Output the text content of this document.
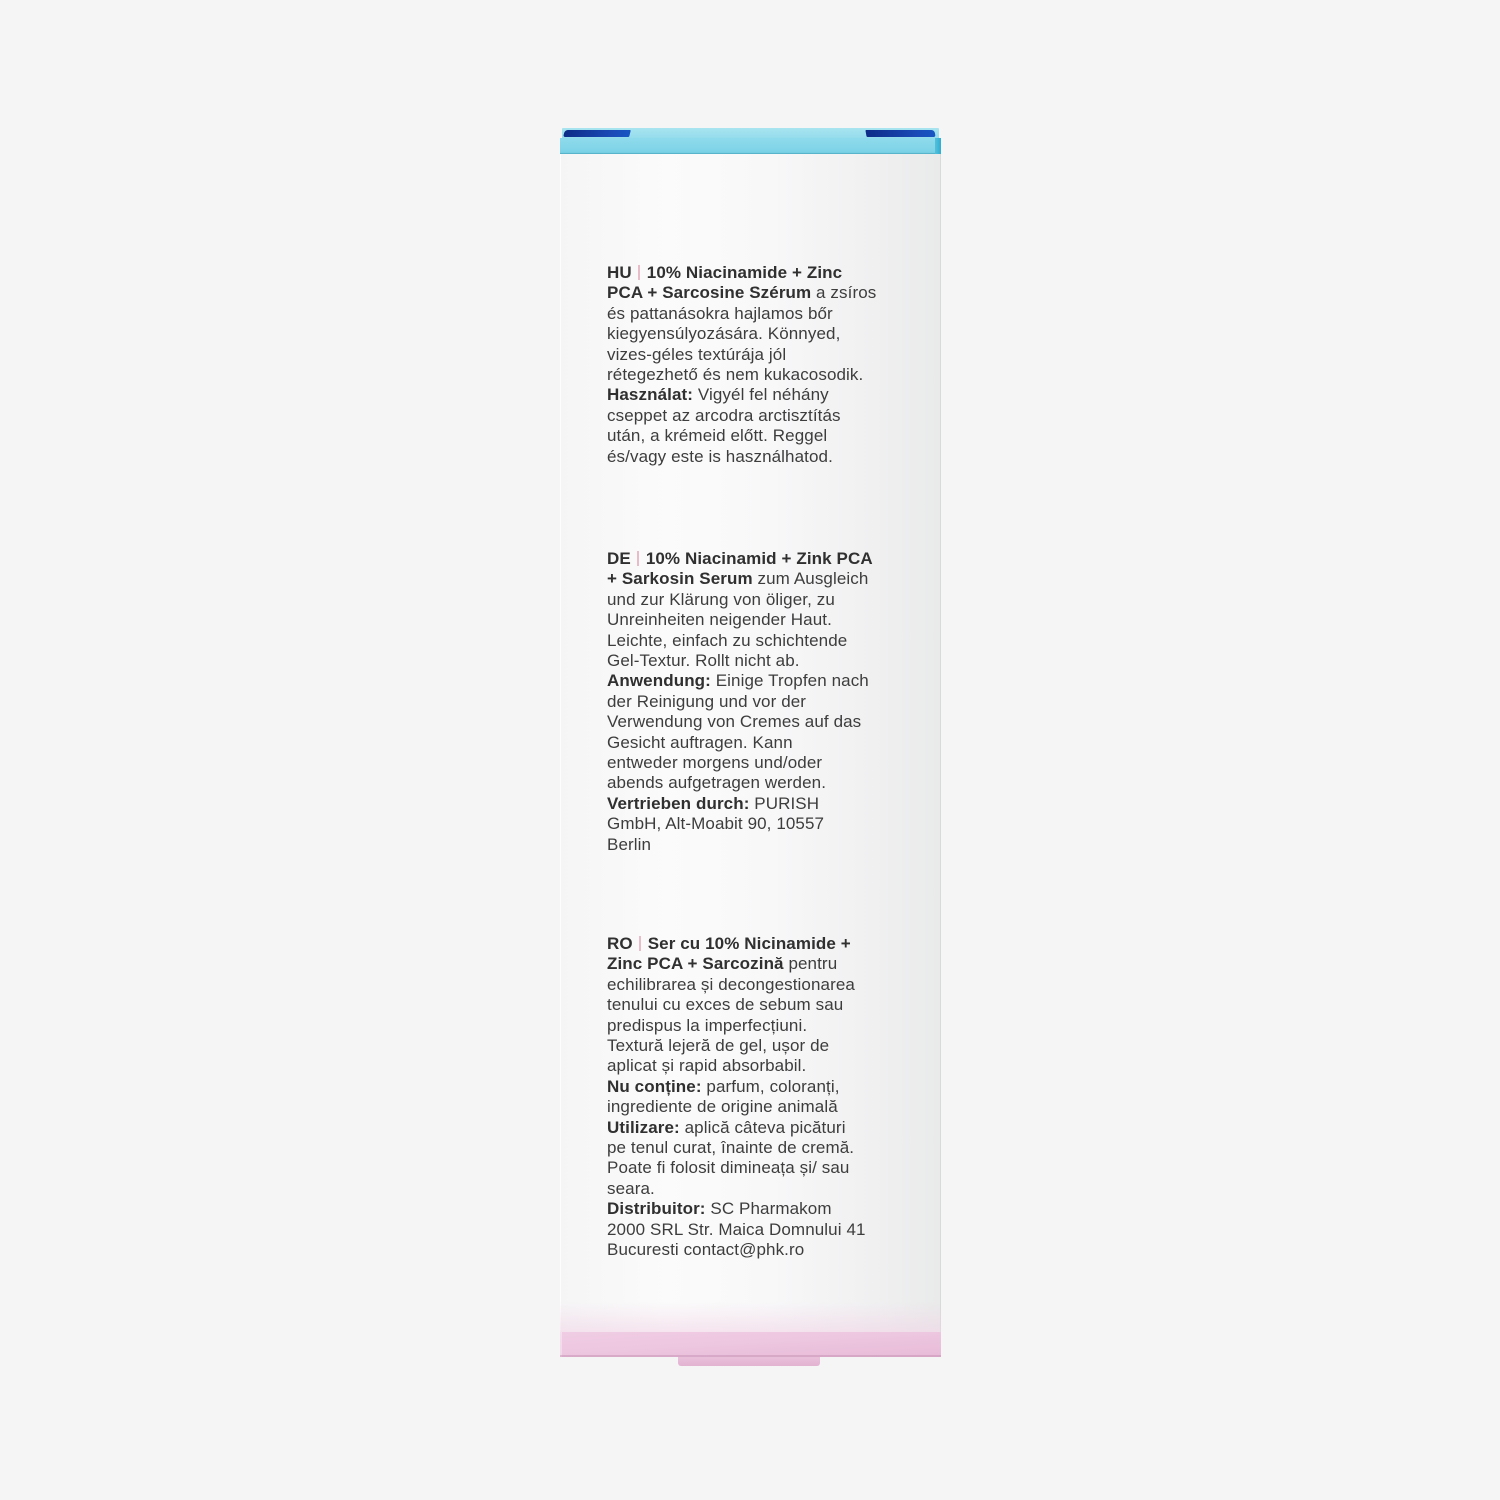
HU 10% Niacinamide + Zinc
PCA + Sarcosine Szérum a zsíros
és pattanásokra hajlamos bőr
kiegyensúlyozására. Könnyed,
vizes-géles textúrája jól
rétegezhető és nem kukacosodik.
Használat: Vigyél fel néhány
cseppet az arcodra arctisztítás
után, a krémeid előtt. Reggel
és/vagy este is használhatod.
DE 10% Niacinamid + Zink PCA
+ Sarkosin Serum zum Ausgleich
und zur Klärung von öliger, zu
Unreinheiten neigender Haut.
Leichte, einfach zu schichtende
Gel-Textur. Rollt nicht ab.
Anwendung: Einige Tropfen nach
der Reinigung und vor der
Verwendung von Cremes auf das
Gesicht auftragen. Kann
entweder morgens und/oder
abends aufgetragen werden.
Vertrieben durch: PURISH
GmbH, Alt-Moabit 90, 10557
Berlin
RO Ser cu 10% Nicinamide +
Zinc PCA + Sarcozină pentru
echilibrarea și decongestionarea
tenului cu exces de sebum sau
predispus la imperfecțiuni.
Textură lejeră de gel, ușor de
aplicat și rapid absorbabil.
Nu conține: parfum, coloranți,
ingrediente de origine animală
Utilizare: aplică câteva picături
pe tenul curat, înainte de cremă.
Poate fi folosit dimineața și/ sau
seara.
Distribuitor: SC Pharmakom
2000 SRL Str. Maica Domnului 41
Bucuresti contact@phk.ro
